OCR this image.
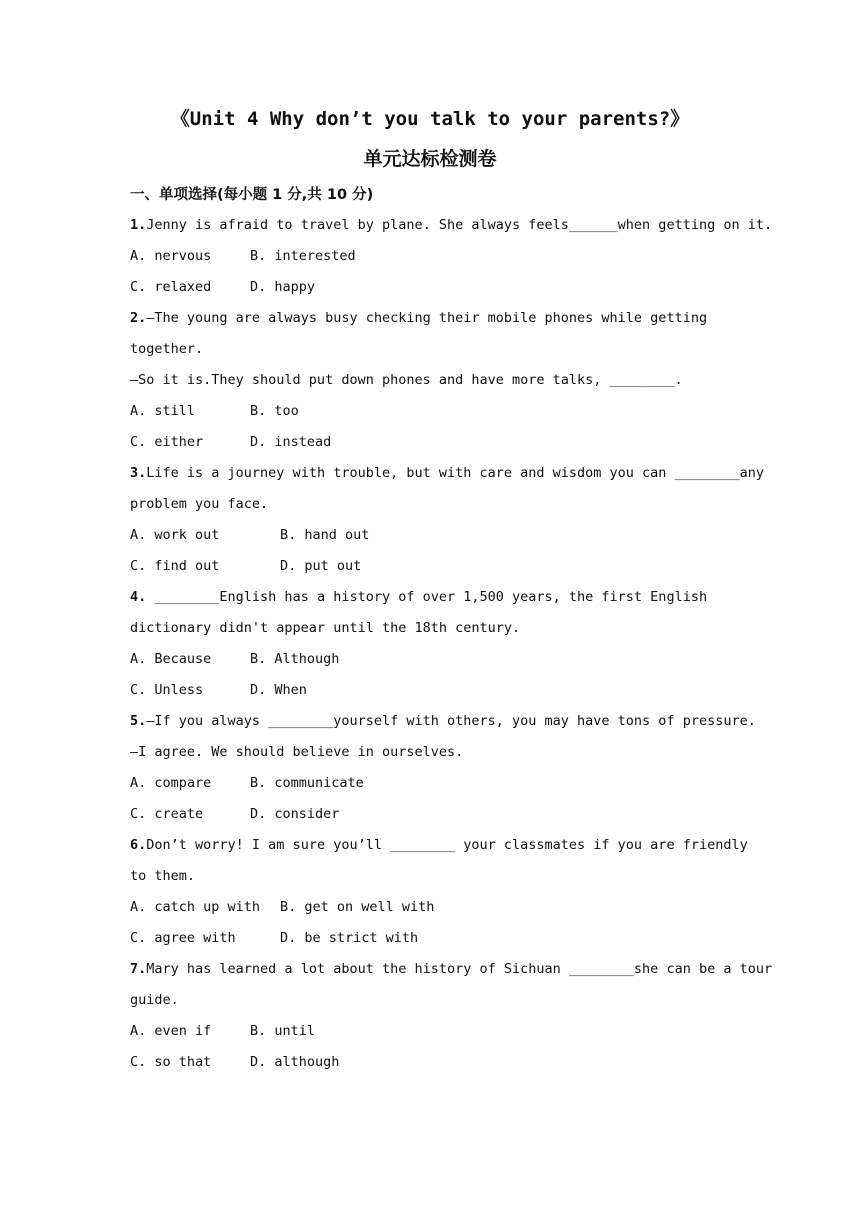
《Unit 4 Why don’t you talk to your parents?》
单元达标检测卷
一、单项选择(每小题 1 分,共 10 分)
1.Jenny is afraid to travel by plane. She always feels______when getting on it.
A. nervous	B. interested
C. relaxed	D. happy
2.—The young are always busy checking their mobile phones while getting
together.
—So it is.They should put down phones and have more talks, ________.
A. still	B. too
C. either	D. instead
3.Life is a journey with trouble, but with care and wisdom you can ________any
problem you face.
A. work out	B. hand out
C. find out	D. put out
4. ________English has a history of over 1,500 years, the first English
dictionary didn't appear until the 18th century.
A. Because	B. Although
C. Unless	D. When
5.—If you always ________yourself with others, you may have tons of pressure.
—I agree. We should believe in ourselves.
A. compare	B. communicate
C. create	D. consider
6.Don’t worry! I am sure you’ll ________ your classmates if you are friendly
to them.
A. catch up with B. get on well with
C. agree with	D. be strict with
7.Mary has learned a lot about the history of Sichuan ________she can be a tour
guide.
A. even if	B. until
C. so that	D. although
